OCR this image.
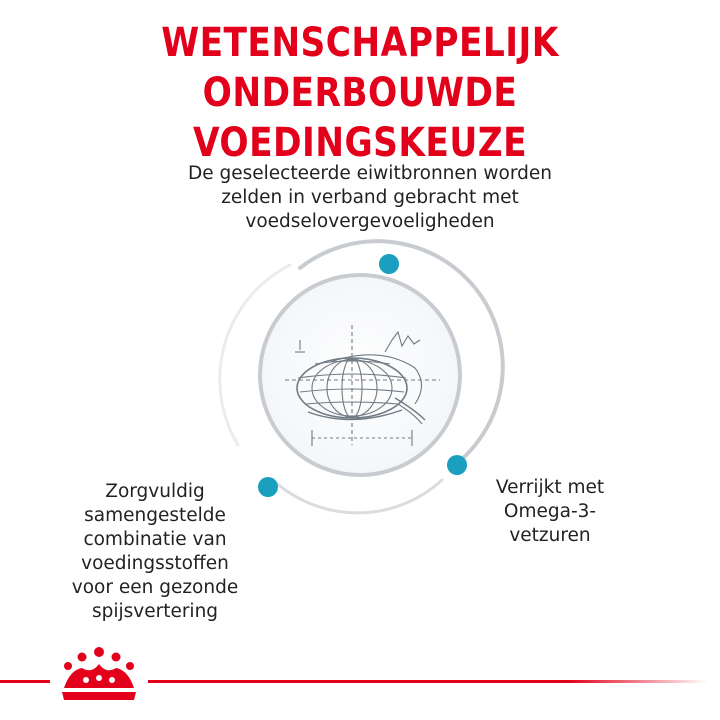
WETENSCHAPPELIJK ONDERBOUWDE
VOEDINGSKEUZE

De geselecteerde eiwitbronnen worden
zelden in verband gebracht met
voedselovergevoeligheden

Zorgvuldig
samengestelde
combinatie van
voedingsstoffen
voor een gezonde
spijsvertering

Verrijkt met
Omega-3-
vetzuren
